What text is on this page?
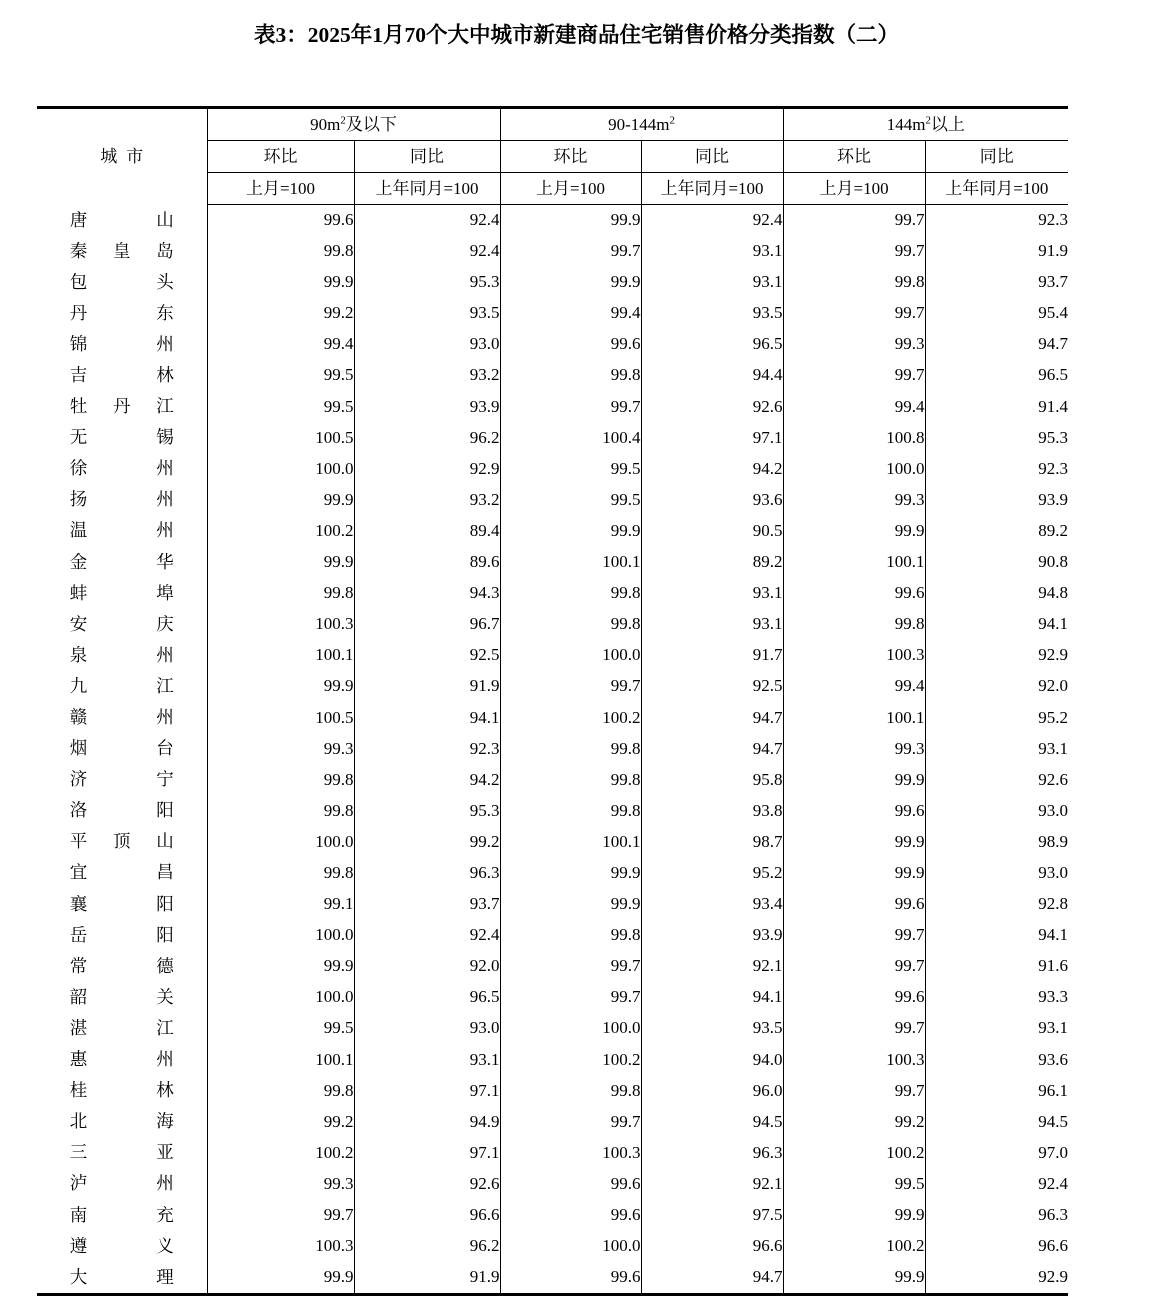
表3：2025年1月70个大中城市新建商品住宅销售价格分类指数（二）
城市	$90m^2$及以下		$90-144m^2$		$144m^2$以上	
	环比	同比	环比	同比	环比	同比
	上月=100	上年同月=100	上月=100	上年同月=100	上月=100	上年同月=100
唐山	99.6	92.4	99.9	92.4	99.7	92.3
秦皇岛	99.8	92.4	99.7	93.1	99.7	91.9
包头	99.9	95.3	99.9	93.1	99.8	93.7
丹东	99.2	93.5	99.4	93.5	99.7	95.4
锦州	99.4	93.0	99.6	96.5	99.3	94.7
吉林	99.5	93.2	99.8	94.4	99.7	96.5
牡丹江	99.5	93.9	99.7	92.6	99.4	91.4
无锡	100.5	96.2	100.4	97.1	100.8	95.3
徐州	100.0	92.9	99.5	94.2	100.0	92.3
扬州	99.9	93.2	99.5	93.6	99.3	93.9
温州	100.2	89.4	99.9	90.5	99.9	89.2
金华	99.9	89.6	100.1	89.2	100.1	90.8
蚌埠	99.8	94.3	99.8	93.1	99.6	94.8
安庆	100.3	96.7	99.8	93.1	99.8	94.1
泉州	100.1	92.5	100.0	91.7	100.3	92.9
九江	99.9	91.9	99.7	92.5	99.4	92.0
赣州	100.5	94.1	100.2	94.7	100.1	95.2
烟台	99.3	92.3	99.8	94.7	99.3	93.1
济宁	99.8	94.2	99.8	95.8	99.9	92.6
洛阳	99.8	95.3	99.8	93.8	99.6	93.0
平顶山	100.0	99.2	100.1	98.7	99.9	98.9
宜昌	99.8	96.3	99.9	95.2	99.9	93.0
襄阳	99.1	93.7	99.9	93.4	99.6	92.8
岳阳	100.0	92.4	99.8	93.9	99.7	94.1
常德	99.9	92.0	99.7	92.1	99.7	91.6
韶关	100.0	96.5	99.7	94.1	99.6	93.3
湛江	99.5	93.0	100.0	93.5	99.7	93.1
惠州	100.1	93.1	100.2	94.0	100.3	93.6
桂林	99.8	97.1	99.8	96.0	99.7	96.1
北海	99.2	94.9	99.7	94.5	99.2	94.5
三亚	100.2	97.1	100.3	96.3	100.2	97.0
泸州	99.3	92.6	99.6	92.1	99.5	92.4
南充	99.7	96.6	99.6	97.5	99.9	96.3
遵义	100.3	96.2	100.0	96.6	100.2	96.6
大理	99.9	91.9	99.6	94.7	99.9	92.9
